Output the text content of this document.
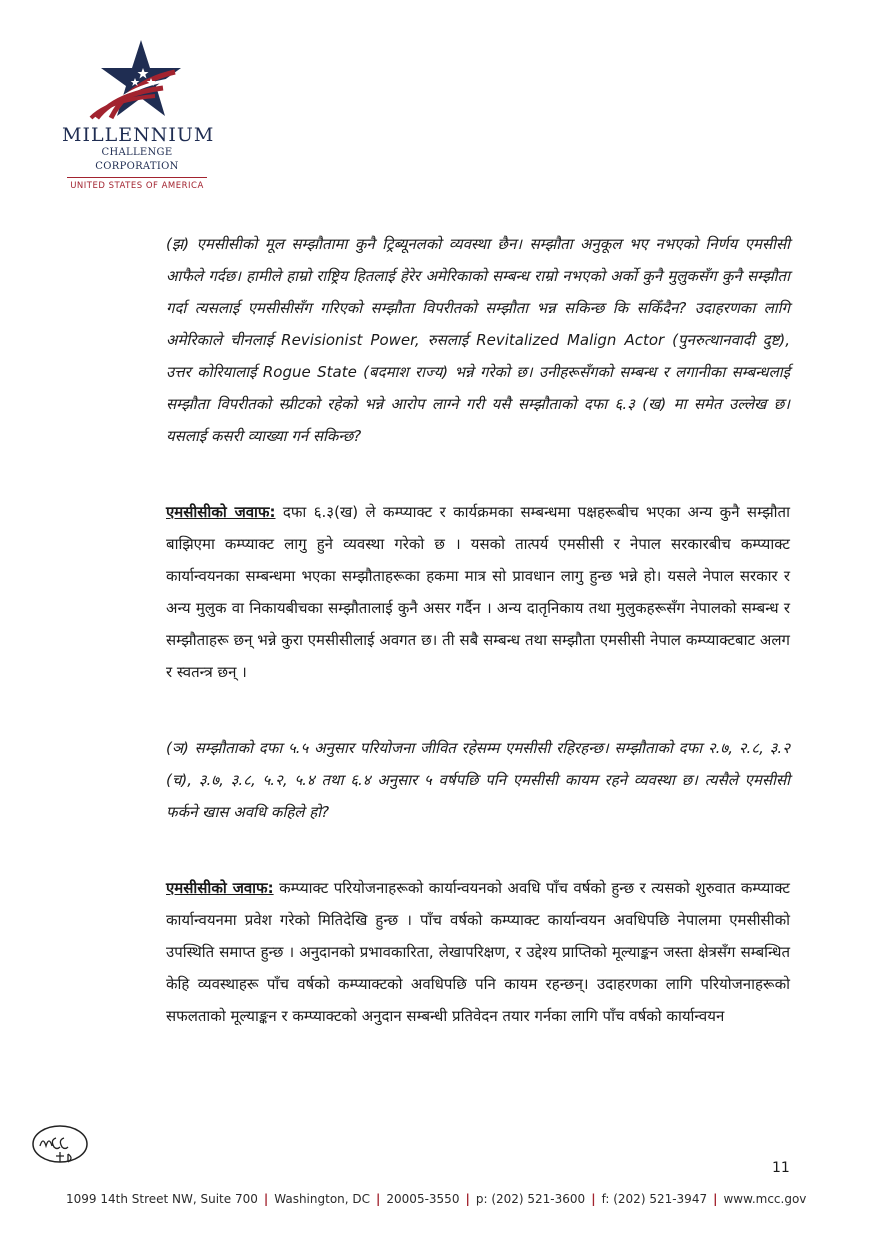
MILLENNIUM
CHALLENGE CORPORATION
UNITED STATES OF AMERICA

(झ) एमसीसीको मूल सम्झौतामा कुनै ट्रिब्यूनलको व्यवस्था छैन। सम्झौता अनुकूल भए नभएको निर्णय एमसीसी आफैले गर्दछ। हामीले हाम्रो राष्ट्रिय हितलाई हेरेर अमेरिकाको सम्बन्ध राम्रो नभएको अर्को कुनै मुलुकसँग कुनै सम्झौता गर्दा त्यसलाई एमसीसीसँग गरिएको सम्झौता विपरीतको सम्झौता भन्न सकिन्छ कि सकिँदैन? उदाहरणका लागि अमेरिकाले चीनलाई Revisionist Power, रुसलाई Revitalized Malign Actor (पुनरुत्थानवादी दुष्ट), उत्तर कोरियालाई Rogue State (बदमाश राज्य) भन्ने गरेको छ। उनीहरूसँगको सम्बन्ध र लगानीका सम्बन्धलाई सम्झौता विपरीतको स्प्रीटको रहेको भन्ने आरोप लाग्ने गरी यसै सम्झौताको दफा ६.३ (ख) मा समेत उल्लेख छ। यसलाई कसरी व्याख्या गर्न सकिन्छ?

एमसीसीको जवाफ: दफा ६.३(ख) ले कम्प्याक्ट र कार्यक्रमका सम्बन्धमा पक्षहरूबीच भएका अन्य कुनै सम्झौता बाझिएमा कम्प्याक्ट लागु हुने व्यवस्था गरेको छ । यसको तात्पर्य एमसीसी र नेपाल सरकारबीच कम्प्याक्ट कार्यान्वयनका सम्बन्धमा भएका सम्झौताहरूका हकमा मात्र सो प्रावधान लागु हुन्छ भन्ने हो। यसले नेपाल सरकार र अन्य मुलुक वा निकायबीचका सम्झौतालाई कुनै असर गर्दैन । अन्य दातृनिकाय तथा मुलुकहरूसँग नेपालको सम्बन्ध र सम्झौताहरू छन् भन्ने कुरा एमसीसीलाई अवगत छ। ती सबै सम्बन्ध तथा सम्झौता एमसीसी नेपाल कम्प्याक्टबाट अलग र स्वतन्त्र छन् ।

(ञ) सम्झौताको दफा ५.५ अनुसार परियोजना जीवित रहेसम्म एमसीसी रहिरहन्छ। सम्झौताको दफा २.७, २.८, ३.२ (च), ३.७, ३.८, ५.२, ५.४ तथा ६.४ अनुसार ५ वर्षपछि पनि एमसीसी कायम रहने व्यवस्था छ। त्यसैले एमसीसी फर्कने खास अवधि कहिले हो?

एमसीसीको जवाफ: कम्प्याक्ट परियोजनाहरूको कार्यान्वयनको अवधि पाँच वर्षको हुन्छ र त्यसको शुरुवात कम्प्याक्ट कार्यान्वयनमा प्रवेश गरेको मितिदेखि हुन्छ । पाँच वर्षको कम्प्याक्ट कार्यान्वयन अवधिपछि नेपालमा एमसीसीको उपस्थिति समाप्त हुन्छ । अनुदानको प्रभावकारिता, लेखापरिक्षण, र उद्देश्य प्राप्तिको मूल्याङ्कन जस्ता क्षेत्रसँग सम्बन्धित केहि व्यवस्थाहरू पाँच वर्षको कम्प्याक्टको अवधिपछि पनि कायम रहन्छन्। उदाहरणका लागि परियोजनाहरूको सफलताको मूल्याङ्कन र कम्प्याक्टको अनुदान सम्बन्धी प्रतिवेदन तयार गर्नका लागि पाँच वर्षको कार्यान्वयन

11
1099 14th Street NW, Suite 700 | Washington, DC | 20005-3550 | p: (202) 521-3600 | f: (202) 521-3947 | www.mcc.gov
